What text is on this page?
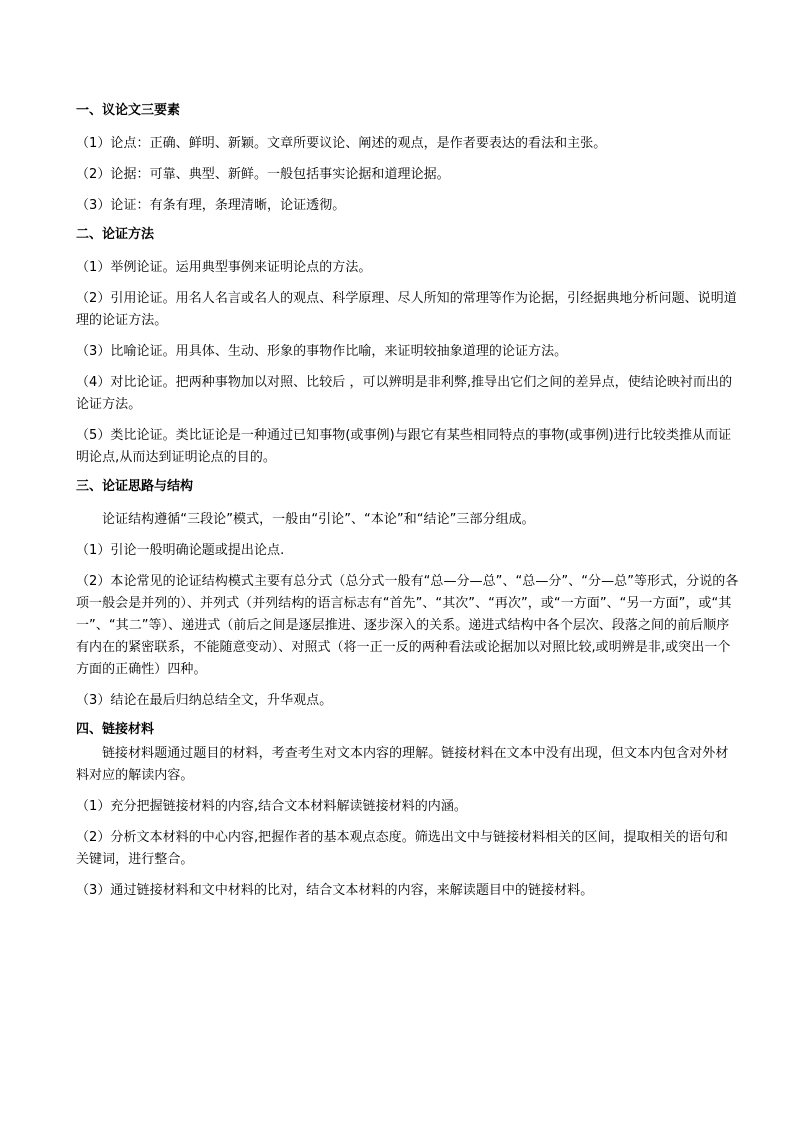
一、议论文三要素

（1）论点：正确、鲜明、新颖。文章所要议论、阐述的观点，是作者要表达的看法和主张。

（2）论据：可靠、典型、新鲜。一般包括事实论据和道理论据。

（3）论证：有条有理，条理清晰，论证透彻。

二、论证方法

（1）举例论证。运用典型事例来证明论点的方法。

（2）引用论证。用名人名言或名人的观点、科学原理、尽人所知的常理等作为论据，引经据典地分析问题、说明道理的论证方法。

（3）比喻论证。用具体、生动、形象的事物作比喻，来证明较抽象道理的论证方法。

（4）对比论证。把两种事物加以对照、比较后 ，可以辨明是非利弊,推导出它们之间的差异点，使结论映衬而出的论证方法。

（5）类比论证。类比证论是一种通过已知事物(或事例)与跟它有某些相同特点的事物(或事例)进行比较类推从而证明论点,从而达到证明论点的目的。

三、论证思路与结构

论证结构遵循“三段论”模式，一般由“引论”、“本论”和“结论”三部分组成。

（1）引论一般明确论题或提出论点.

（2）本论常见的论证结构模式主要有总分式（总分式一般有“总—分—总”、“总—分”、“分—总”等形式，分说的各项一般会是并列的）、并列式（并列结构的语言标志有“首先”、“其次”、“再次”，或“一方面”、“另一方面”，或“其一”、“其二”等）、递进式（前后之间是逐层推进、逐步深入的关系。递进式结构中各个层次、段落之间的前后顺序有内在的紧密联系，不能随意变动）、对照式（将一正一反的两种看法或论据加以对照比较,或明辨是非,或突出一个方面的正确性）四种。

（3）结论在最后归纳总结全文，升华观点。

四、链接材料

链接材料题通过题目的材料，考查考生对文本内容的理解。链接材料在文本中没有出现，但文本内包含对外材料对应的解读内容。

（1）充分把握链接材料的内容,结合文本材料解读链接材料的内涵。

（2）分析文本材料的中心内容,把握作者的基本观点态度。筛选出文中与链接材料相关的区间，提取相关的语句和关键词，进行整合。

（3）通过链接材料和文中材料的比对，结合文本材料的内容，来解读题目中的链接材料。
